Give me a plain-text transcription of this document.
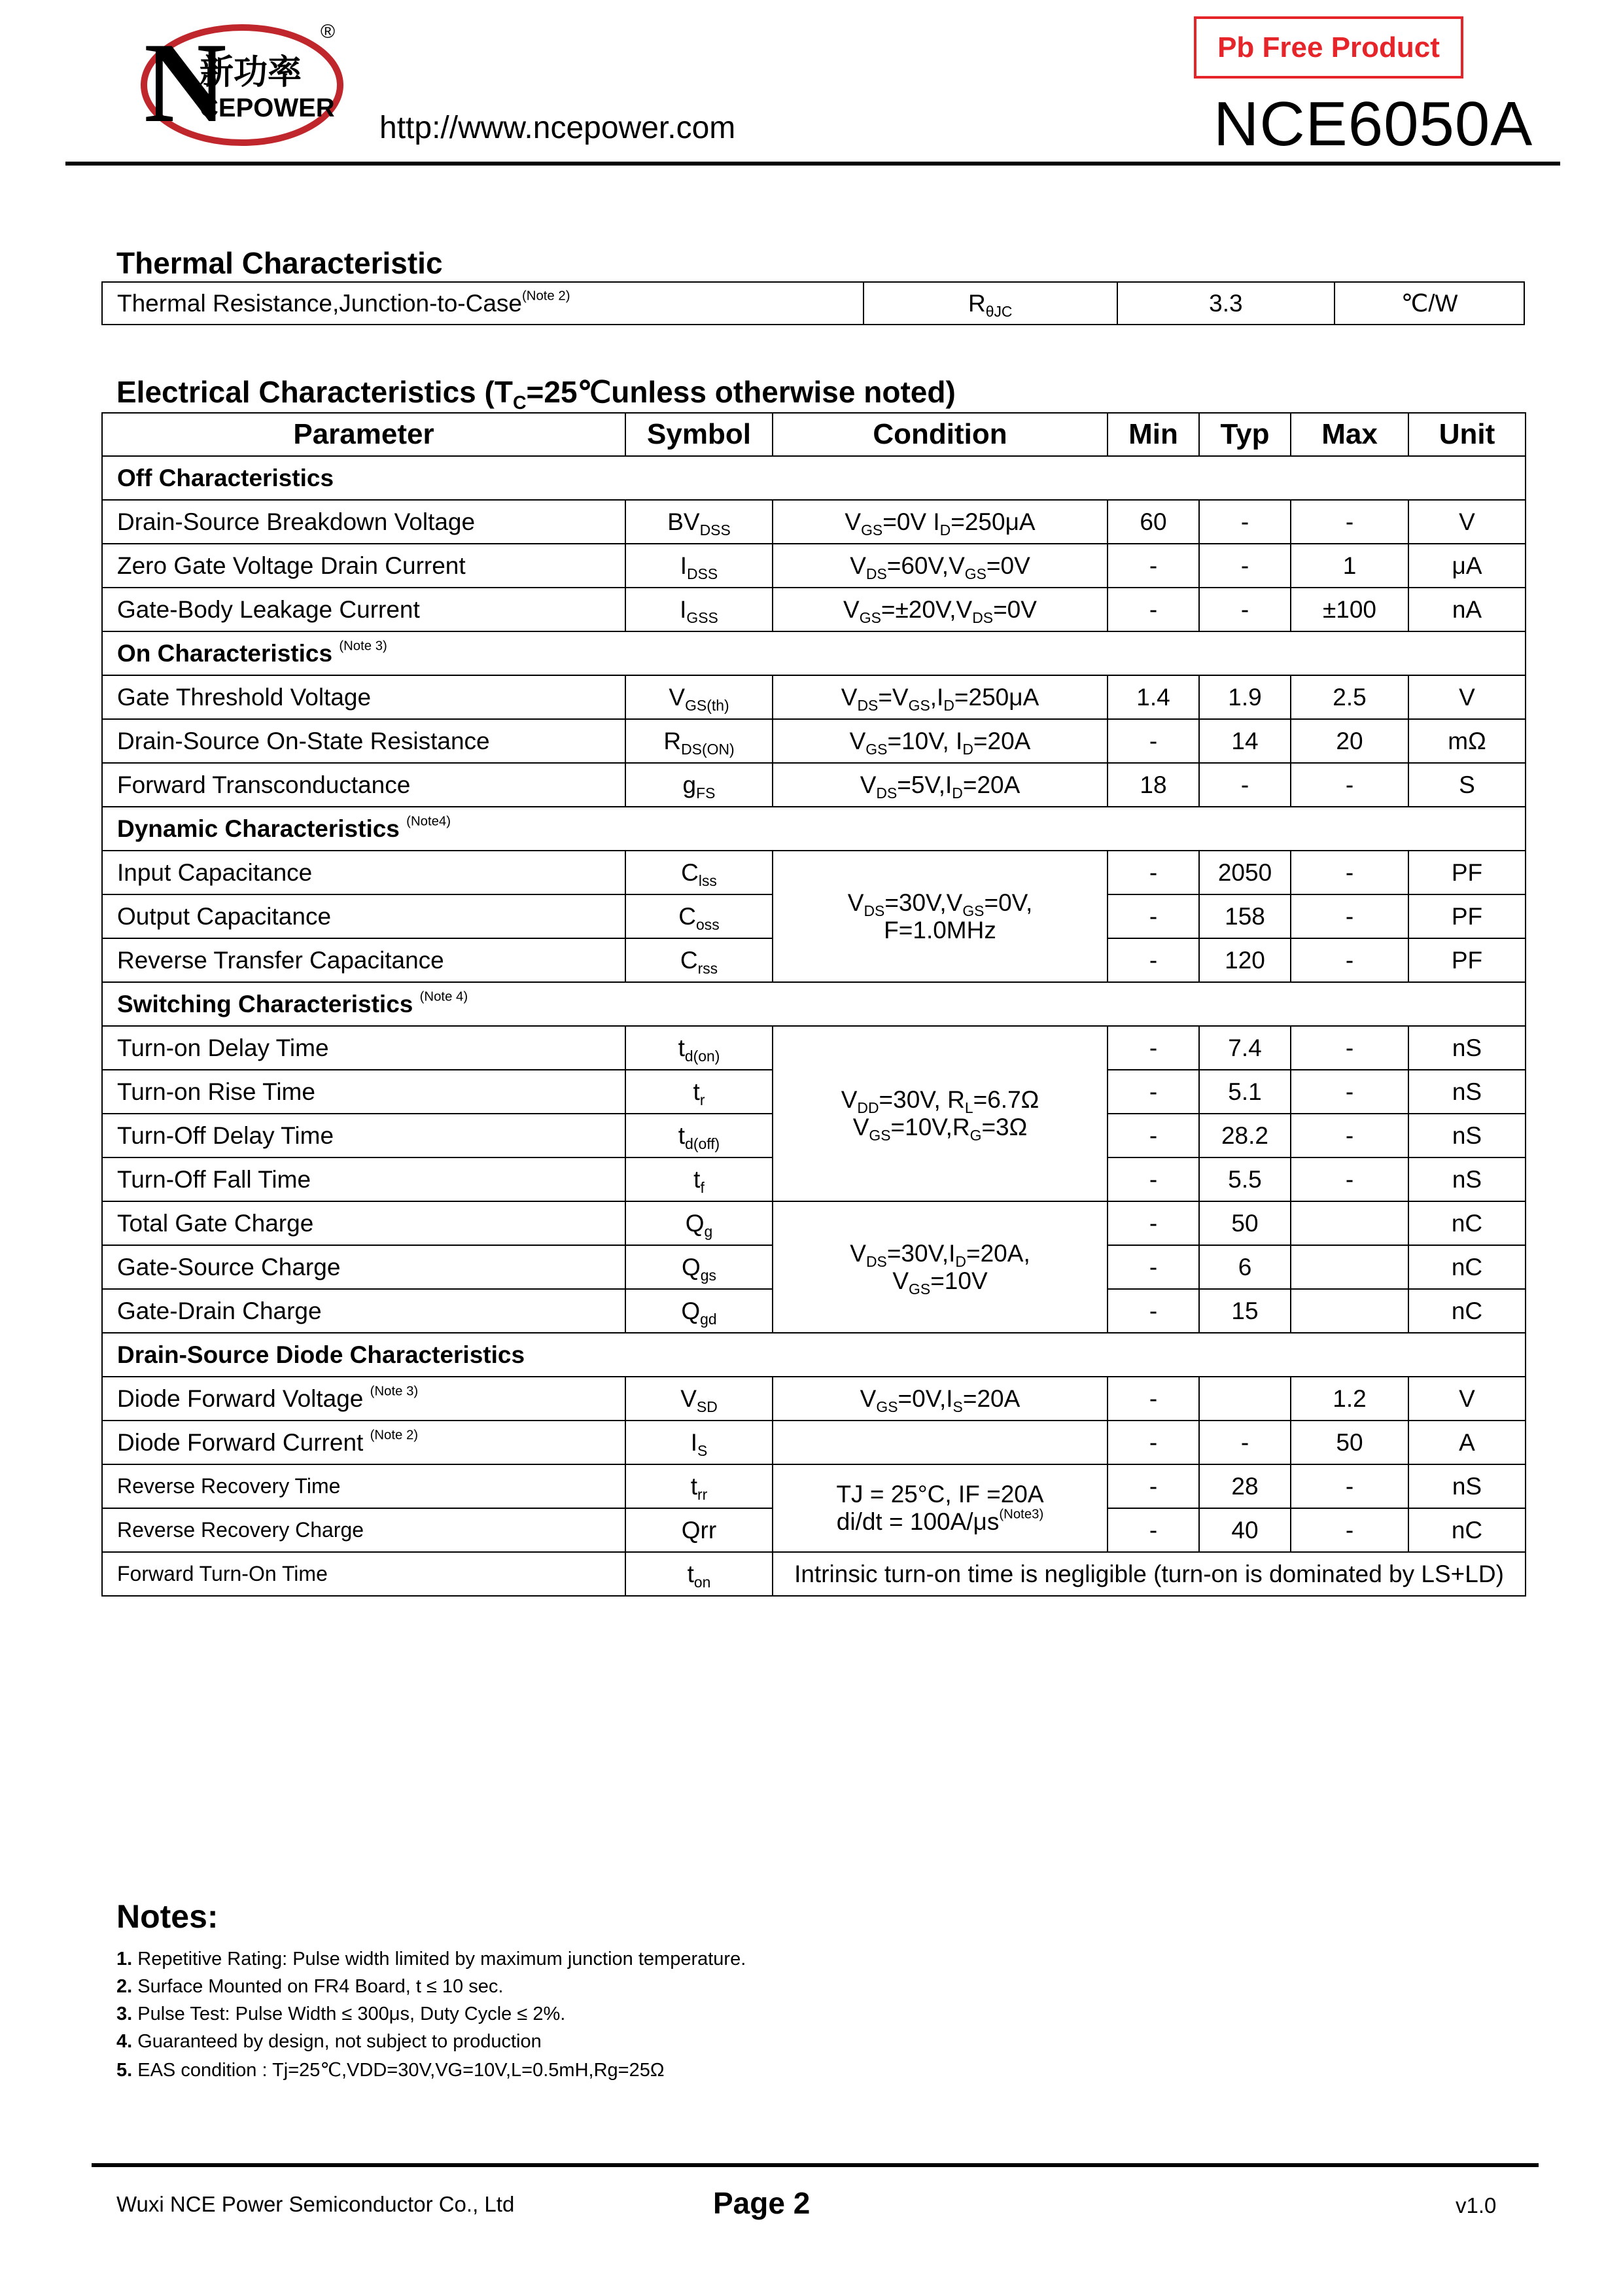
N
新功率
CEPOWER
®
http://www.ncepower.com
Pb Free Product
NCE6050A
Thermal Characteristic
Thermal Resistance,Junction-to-Case$^{(Note 2)}$	$R_{\theta JC}$	3.3	℃/W
Electrical Characteristics ($T_C=25℃unless$ otherwise noted)
Parameter	Symbol	Condition	Min	Typ	Max	Unit
Off Characteristics						
Drain-Source Breakdown Voltage	$BV_{DSS}$	$V_{GS}=0V$ $I_D=250\mu A$	60	-	-	V
Zero Gate Voltage Drain Current	$I_{DSS}$	$V_{DS}=60V,V_{GS}=0V$	-	-	1	μA
Gate-Body Leakage Current	$I_{GSS}$	$V_{GS}=\pm 20V,V_{DS}=0V$	-	-	±100	nA
On Characteristics $^{(Note 3)}$
Gate Threshold Voltage	$V_{GS(th)}$	$V_{DS}=V_{GS},I_D=250\mu A$	1.4	1.9	2.5	V
Drain-Source On-State Resistance	$R_{DS(ON)}$	$V_{GS}=10V$, $I_D=20A$	-	14	20	mΩ
Forward Transconductance	$g_{FS}$	$V_{DS}=5V,I_D=20A$	18	-	-	S
Dynamic Characteristics $^{(Note4)}$
Input Capacitance	$C_{lss}$	$V_{DS}=30V,V_{GS}=0V$,
F=1.0MHz	-	2050	-	PF
Output Capacitance	$C_{oss}$		-	158	-	PF
Reverse Transfer Capacitance	$C_{rss}$		-	120	-	PF
Switching Characteristics $^{(Note 4)}$
Turn-on Delay Time	$t_{d(on)}$	$V_{DD}=30V$, $R_L=6.7\Omega$
$V_{GS}=10V,R_G=3\Omega$	-	7.4	-	nS
Turn-on Rise Time	$t_r$		-	5.1	-	nS
Turn-Off Delay Time	$t_{d(off)}$		-	28.2	-	nS
Turn-Off Fall Time	$t_f$		-	5.5	-	nS
Total Gate Charge	$Q_g$	$V_{DS}=30V,I_D=20A$,
$V_{GS}=10V$	-	50		nC
Gate-Source Charge	$Q_{gs}$		-	6		nC
Gate-Drain Charge	$Q_{gd}$		-	15		nC
Drain-Source Diode Characteristics						
Diode Forward Voltage $^{(Note 3)}$	$V_{SD}$	$V_{GS}=0V,I_S=20A$	-		1.2	V
Diode Forward Current $^{(Note 2)}$	$I_S$		-	-	50	A
Reverse Recovery Time	$t_{rr}$	TJ = 25°C, IF =20A
$di/dt = 100A/\mu s^{(Note3)}$	-	28	-	nS
Reverse Recovery Charge	Qrr		-	40	-	nC
Forward Turn-On Time	$t_{on}$	Intrinsic turn-on time is negligible (turn-on is dominated by LS+LD)				
Notes:
1. Repetitive Rating: Pulse width limited by maximum junction temperature.
2. Surface Mounted on FR4 Board, t ≤ 10 sec.
3. Pulse Test: Pulse Width ≤ 300μs, Duty Cycle ≤ 2%.
4. Guaranteed by design, not subject to production
5. EAS condition : Tj=25℃,VDD=30V,VG=10V,L=0.5mH,Rg=25Ω
Wuxi NCE Power Semiconductor Co., Ltd	Page 2	v1.0
